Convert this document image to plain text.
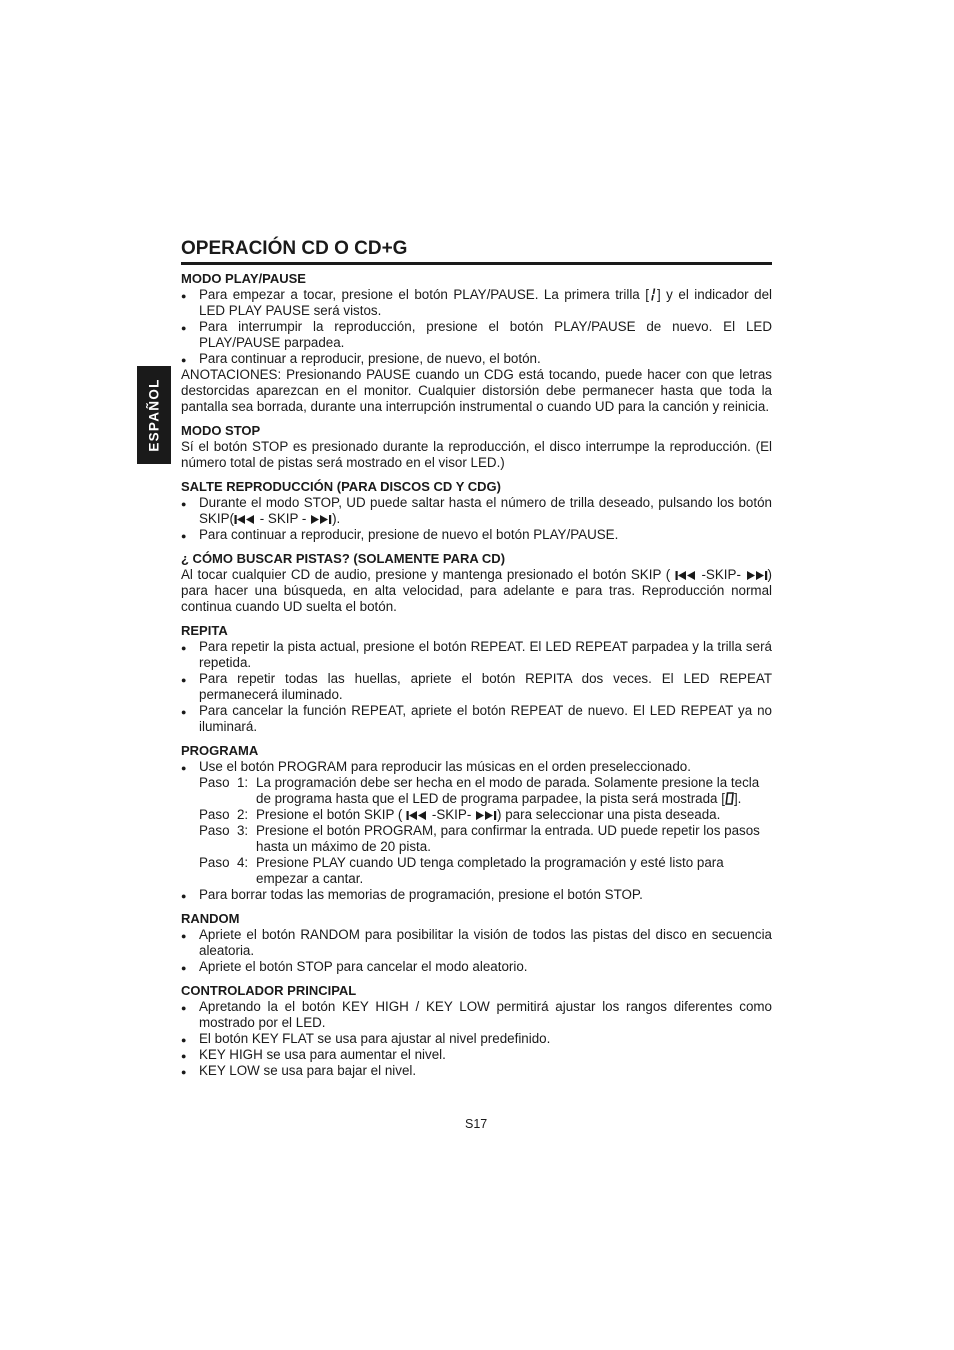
ESPAÑOL
OPERACIÓN CD O CD+G
MODO PLAY/PAUSE
● Para empezar a tocar, presione el botón PLAY/PAUSE. La primera trilla [ ] y el indicador del LED PLAY PAUSE será vistos.
● Para interrumpir la reproducción, presione el botón PLAY/PAUSE de nuevo. El LED PLAY/PAUSE parpadea.
● Para continuar a reproducir, presione, de nuevo, el botón.

ANOTACIONES: Presionando PAUSE cuando un CDG está tocando, puede hacer con que letras destorcidas aparezcan en el monitor. Cualquier distorsión debe permanecer hasta que toda la pantalla sea borrada, durante una interrupción instrumental o cuando UD para la canción y reinicia.

MODO STOP

Sí el botón STOP es presionado durante la reproducción, el disco interrumpe la reproducción. (El número total de pistas será mostrado en el visor LED.)

SALTE REPRODUCCIÓN (PARA DISCOS CD Y CDG)
● Durante el modo STOP, UD puede saltar hasta el número de trilla deseado, pulsando los botón SKIP( - SKIP - ).
● Para continuar a reproducir, presione de nuevo el botón PLAY/PAUSE.
¿ CÓMO BUSCAR PISTAS? (SOLAMENTE PARA CD)

Al tocar cualquier CD de audio, presione y mantenga presionado el botón SKIP (  -SKIP- ) para hacer una búsqueda, en alta velocidad, para adelante e para tras. Reproducción normal continua cuando UD suelta el botón.

REPITA
● Para repetir la pista actual, presione el botón REPEAT. El LED REPEAT parpadea y la trilla será repetida.
● Para repetir todas las huellas, apriete el botón REPITA dos veces. El LED REPEAT permanecerá iluminado.
● Para cancelar la función REPEAT, apriete el botón REPEAT de nuevo. El LED REPEAT ya no iluminará.
PROGRAMA
● Use el botón PROGRAM para reproducir las músicas en el orden preseleccionado.
Paso  1: La programación debe ser hecha en el modo de parada. Solamente presione la tecla de programa hasta que el LED de programa parpadee, la pista será mostrada [ ].
Paso  2: Presione el botón SKIP (  -SKIP- ) para seleccionar una pista deseada.
Paso  3: Presione el botón PROGRAM, para confirmar la entrada. UD puede repetir los pasos hasta un máximo de 20 pista.
Paso  4: Presione PLAY cuando UD tenga completado la programación y esté listo para empezar a cantar.
● Para borrar todas las memorias de programación, presione el botón STOP.
RANDOM
● Apriete el botón RANDOM para posibilitar la visión de todos las pistas del disco en secuencia aleatoria.
● Apriete el botón STOP para cancelar el modo aleatorio.
CONTROLADOR PRINCIPAL
● Apretando la el botón KEY HIGH / KEY LOW permitirá ajustar los rangos diferentes como mostrado por el LED.
● El botón KEY FLAT se usa para ajustar al nivel predefinido.
● KEY HIGH se usa para aumentar el nivel.
● KEY LOW se usa para bajar el nivel.
S17
